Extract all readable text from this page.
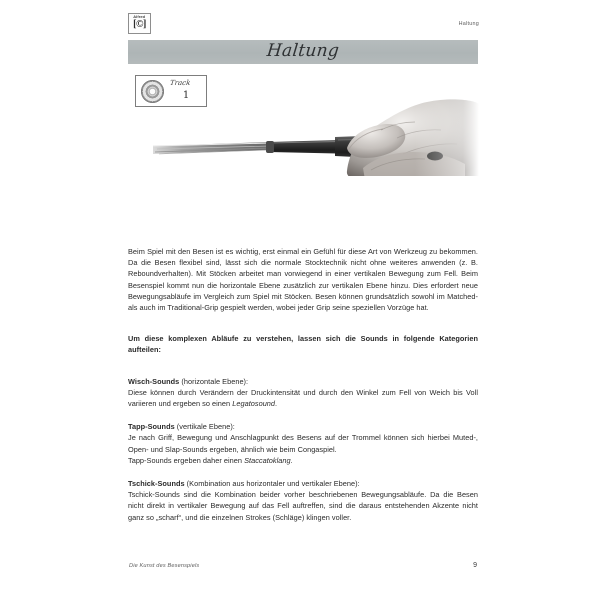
Alfred
[©]	Haltung
Haltung
Track
1

Beim Spiel mit den Besen ist es wichtig, erst einmal ein Gefühl für diese Art von Werkzeug zu bekommen. Da die Besen flexibel sind, lässt sich die normale Stocktechnik nicht ohne weiteres anwenden (z. B. Reboundverhalten). Mit Stöcken arbeitet man vorwiegend in einer vertikalen Bewegung zum Fell. Beim Besenspiel kommt nun die horizontale Ebene zusätzlich zur vertikalen Ebene hinzu. Dies erfordert neue Bewegungsabläufe im Vergleich zum Spiel mit Stöcken. Besen können grundsätzlich sowohl im Matched- als auch im Traditional-Grip gespielt werden, wobei jeder Grip seine speziellen Vorzüge hat.

Um diese komplexen Abläufe zu verstehen, lassen sich die Sounds in folgende Kategorien aufteilen:

Wisch-Sounds (horizontale Ebene):
Diese können durch Verändern der Druckintensität und durch den Winkel zum Fell von Weich bis Voll variieren und ergeben so einen Legatosound.

Tapp-Sounds (vertikale Ebene):
Je nach Griff, Bewegung und Anschlagpunkt des Besens auf der Trommel können sich hierbei Muted-, Open- und Slap-Sounds ergeben, ähnlich wie beim Congaspiel.
Tapp-Sounds ergeben daher einen Staccatoklang.

Tschick-Sounds (Kombination aus horizontaler und vertikaler Ebene):
Tschick-Sounds sind die Kombination beider vorher beschriebenen Bewegungsabläufe. Da die Besen nicht direkt in vertikaler Bewegung auf das Fell auftreffen, sind die daraus entstehenden Akzente nicht ganz so „scharf“, und die einzelnen Strokes (Schläge) klingen voller.

Die Kunst des Besenspiels	9
